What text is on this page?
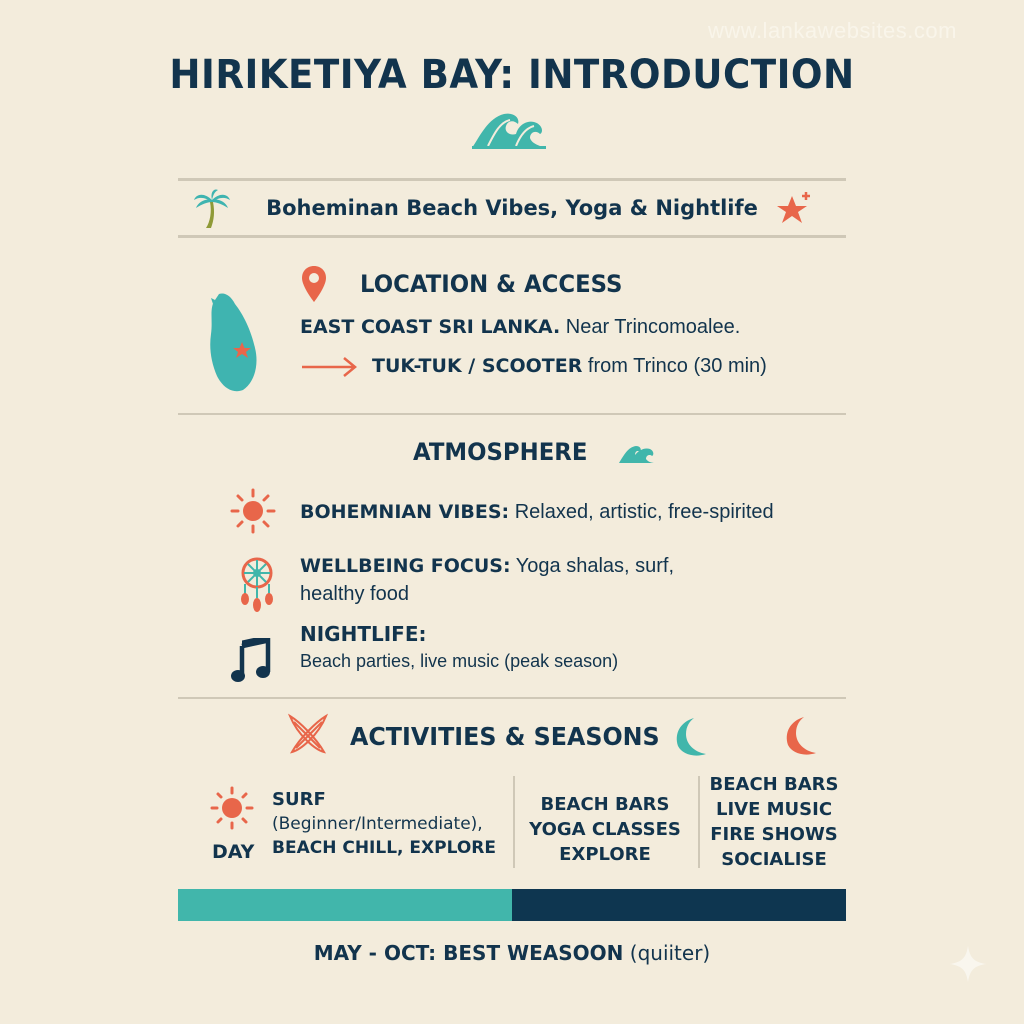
www.lankawebsites.com
HIRIKETIYA BAY: INTRODUCTION
Boheminan Beach Vibes, Yoga & Nightlife
LOCATION & ACCESS
EAST COAST SRI LANKA. Near Trincomoalee.
TUK-TUK / SCOOTER from Trinco (30 min)
ATMOSPHERE
BOHEMNIAN VIBES: Relaxed, artistic, free-spirited
WELLBEING FOCUS: Yoga shalas, surf,
healthy food
NIGHTLIFE:
Beach parties, live music (peak season)
ACTIVITIES & SEASONS
DAY
SURF
(Beginner/Intermediate),
BEACH CHILL, EXPLORE
BEACH BARS
YOGA CLASSES
EXPLORE
BEACH BARS
LIVE MUSIC
FIRE SHOWS
SOCIALISE
MAY - OCT: BEST WEASOON (quiiter)
